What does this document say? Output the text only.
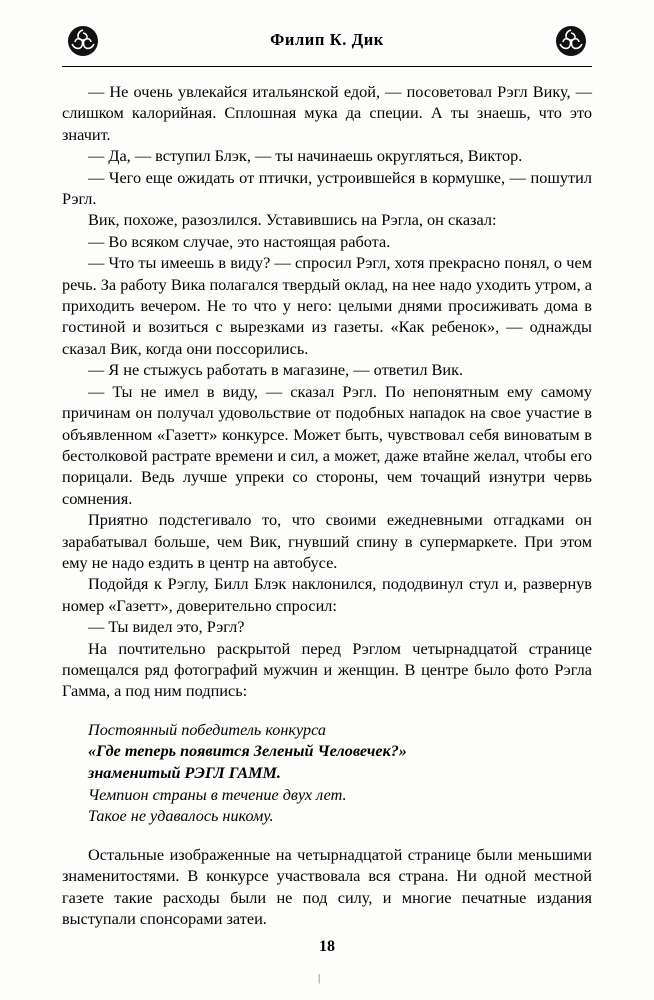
Филип К. Дик

— Не очень увлекайся итальянской едой, — посоветовал Рэгл Вику, — слишком калорийная. Сплошная мука да специи. А ты знаешь, что это значит.

— Да, — вступил Блэк, — ты начинаешь округляться, Виктор.

— Чего еще ожидать от птички, устроившейся в кормушке, — пошутил Рэгл.

Вик, похоже, разозлился. Уставившись на Рэгла, он сказал:

— Во всяком случае, это настоящая работа.

— Что ты имеешь в виду? — спросил Рэгл, хотя прекрасно понял, о чем речь. За работу Вика полагался твердый оклад, на нее надо уходить утром, а приходить вечером. Не то что у него: целыми днями просиживать дома в гостиной и возиться с вырезками из газеты. «Как ребенок», — однажды сказал Вик, когда они поссорились.

— Я не стыжусь работать в магазине, — ответил Вик.

— Ты не имел в виду, — сказал Рэгл. По непонятным ему самому причинам он получал удовольствие от подобных нападок на свое участие в объявленном «Газетт» конкурсе. Может быть, чувствовал себя виноватым в бестолковой растрате времени и сил, а может, даже втайне желал, чтобы его порицали. Ведь лучше упреки со стороны, чем точащий изнутри червь сомнения.

Приятно подстегивало то, что своими ежедневными отгадками он зарабатывал больше, чем Вик, гнувший спину в супермаркете. При этом ему не надо ездить в центр на автобусе.

Подойдя к Рэглу, Билл Блэк наклонился, пододвинул стул и, развернув номер «Газетт», доверительно спросил:

— Ты видел это, Рэгл?

На почтительно раскрытой перед Рэглом четырнадцатой странице помещался ряд фотографий мужчин и женщин. В центре было фото Рэгла Гамма, а под ним подпись:

Постоянный победитель конкурса
«Где теперь появится Зеленый Человечек?»
знаменитый РЭГЛ ГАММ.
Чемпион страны в течение двух лет.
Такое не удавалось никому.

Остальные изображенные на четырнадцатой странице были меньшими знаменитостями. В конкурсе участвовала вся страна. Ни одной местной газете такие расходы были не под силу, и многие печатные издания выступали спонсорами затеи.

18
|
